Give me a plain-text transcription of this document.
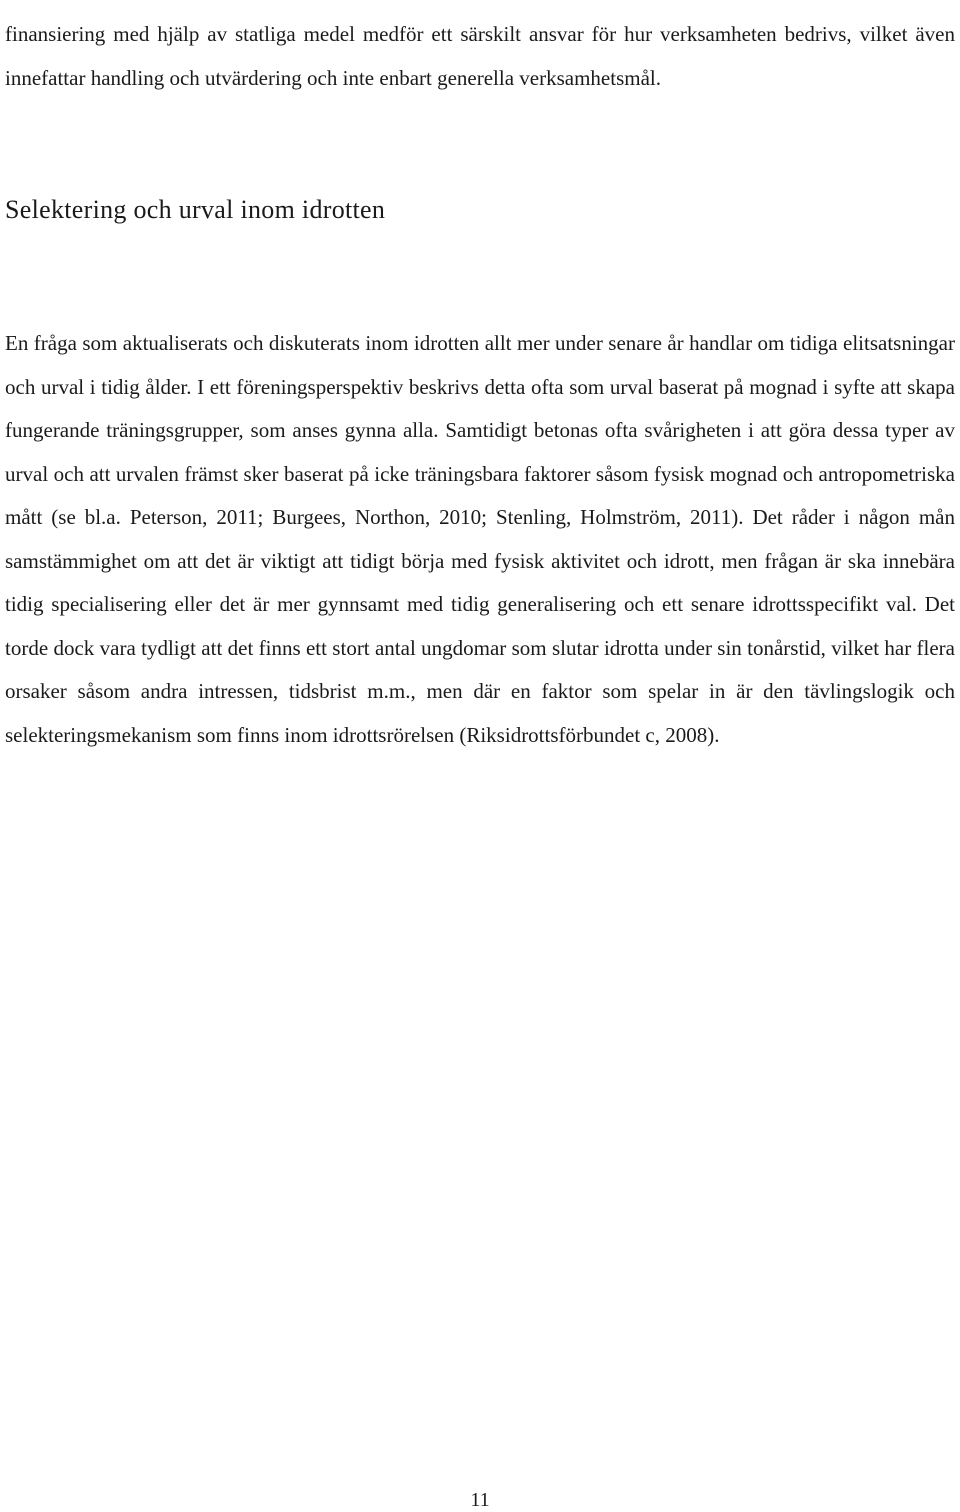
finansiering med hjälp av statliga medel medför ett särskilt ansvar för hur verksamheten bedrivs, vilket även innefattar handling och utvärdering och inte enbart generella verksamhetsmål.

Selektering och urval inom idrotten

En fråga som aktualiserats och diskuterats inom idrotten allt mer under senare år handlar om tidiga elitsatsningar och urval i tidig ålder. I ett föreningsperspektiv beskrivs detta ofta som urval baserat på mognad i syfte att skapa fungerande träningsgrupper, som anses gynna alla. Samtidigt betonas ofta svårigheten i att göra dessa typer av urval och att urvalen främst sker baserat på icke träningsbara faktorer såsom fysisk mognad och antropometriska mått (se bl.a. Peterson, 2011; Burgees, Northon, 2010; Stenling, Holmström, 2011). Det råder i någon mån samstämmighet om att det är viktigt att tidigt börja med fysisk aktivitet och idrott, men frågan är ska innebära tidig specialisering eller det är mer gynnsamt med tidig generalisering och ett senare idrottsspecifikt val. Det torde dock vara tydligt att det finns ett stort antal ungdomar som slutar idrotta under sin tonårstid, vilket har flera orsaker såsom andra intressen, tidsbrist m.m., men där en faktor som spelar in är den tävlingslogik och selekteringsmekanism som finns inom idrottsrörelsen (Riksidrottsförbundet c, 2008).

11
